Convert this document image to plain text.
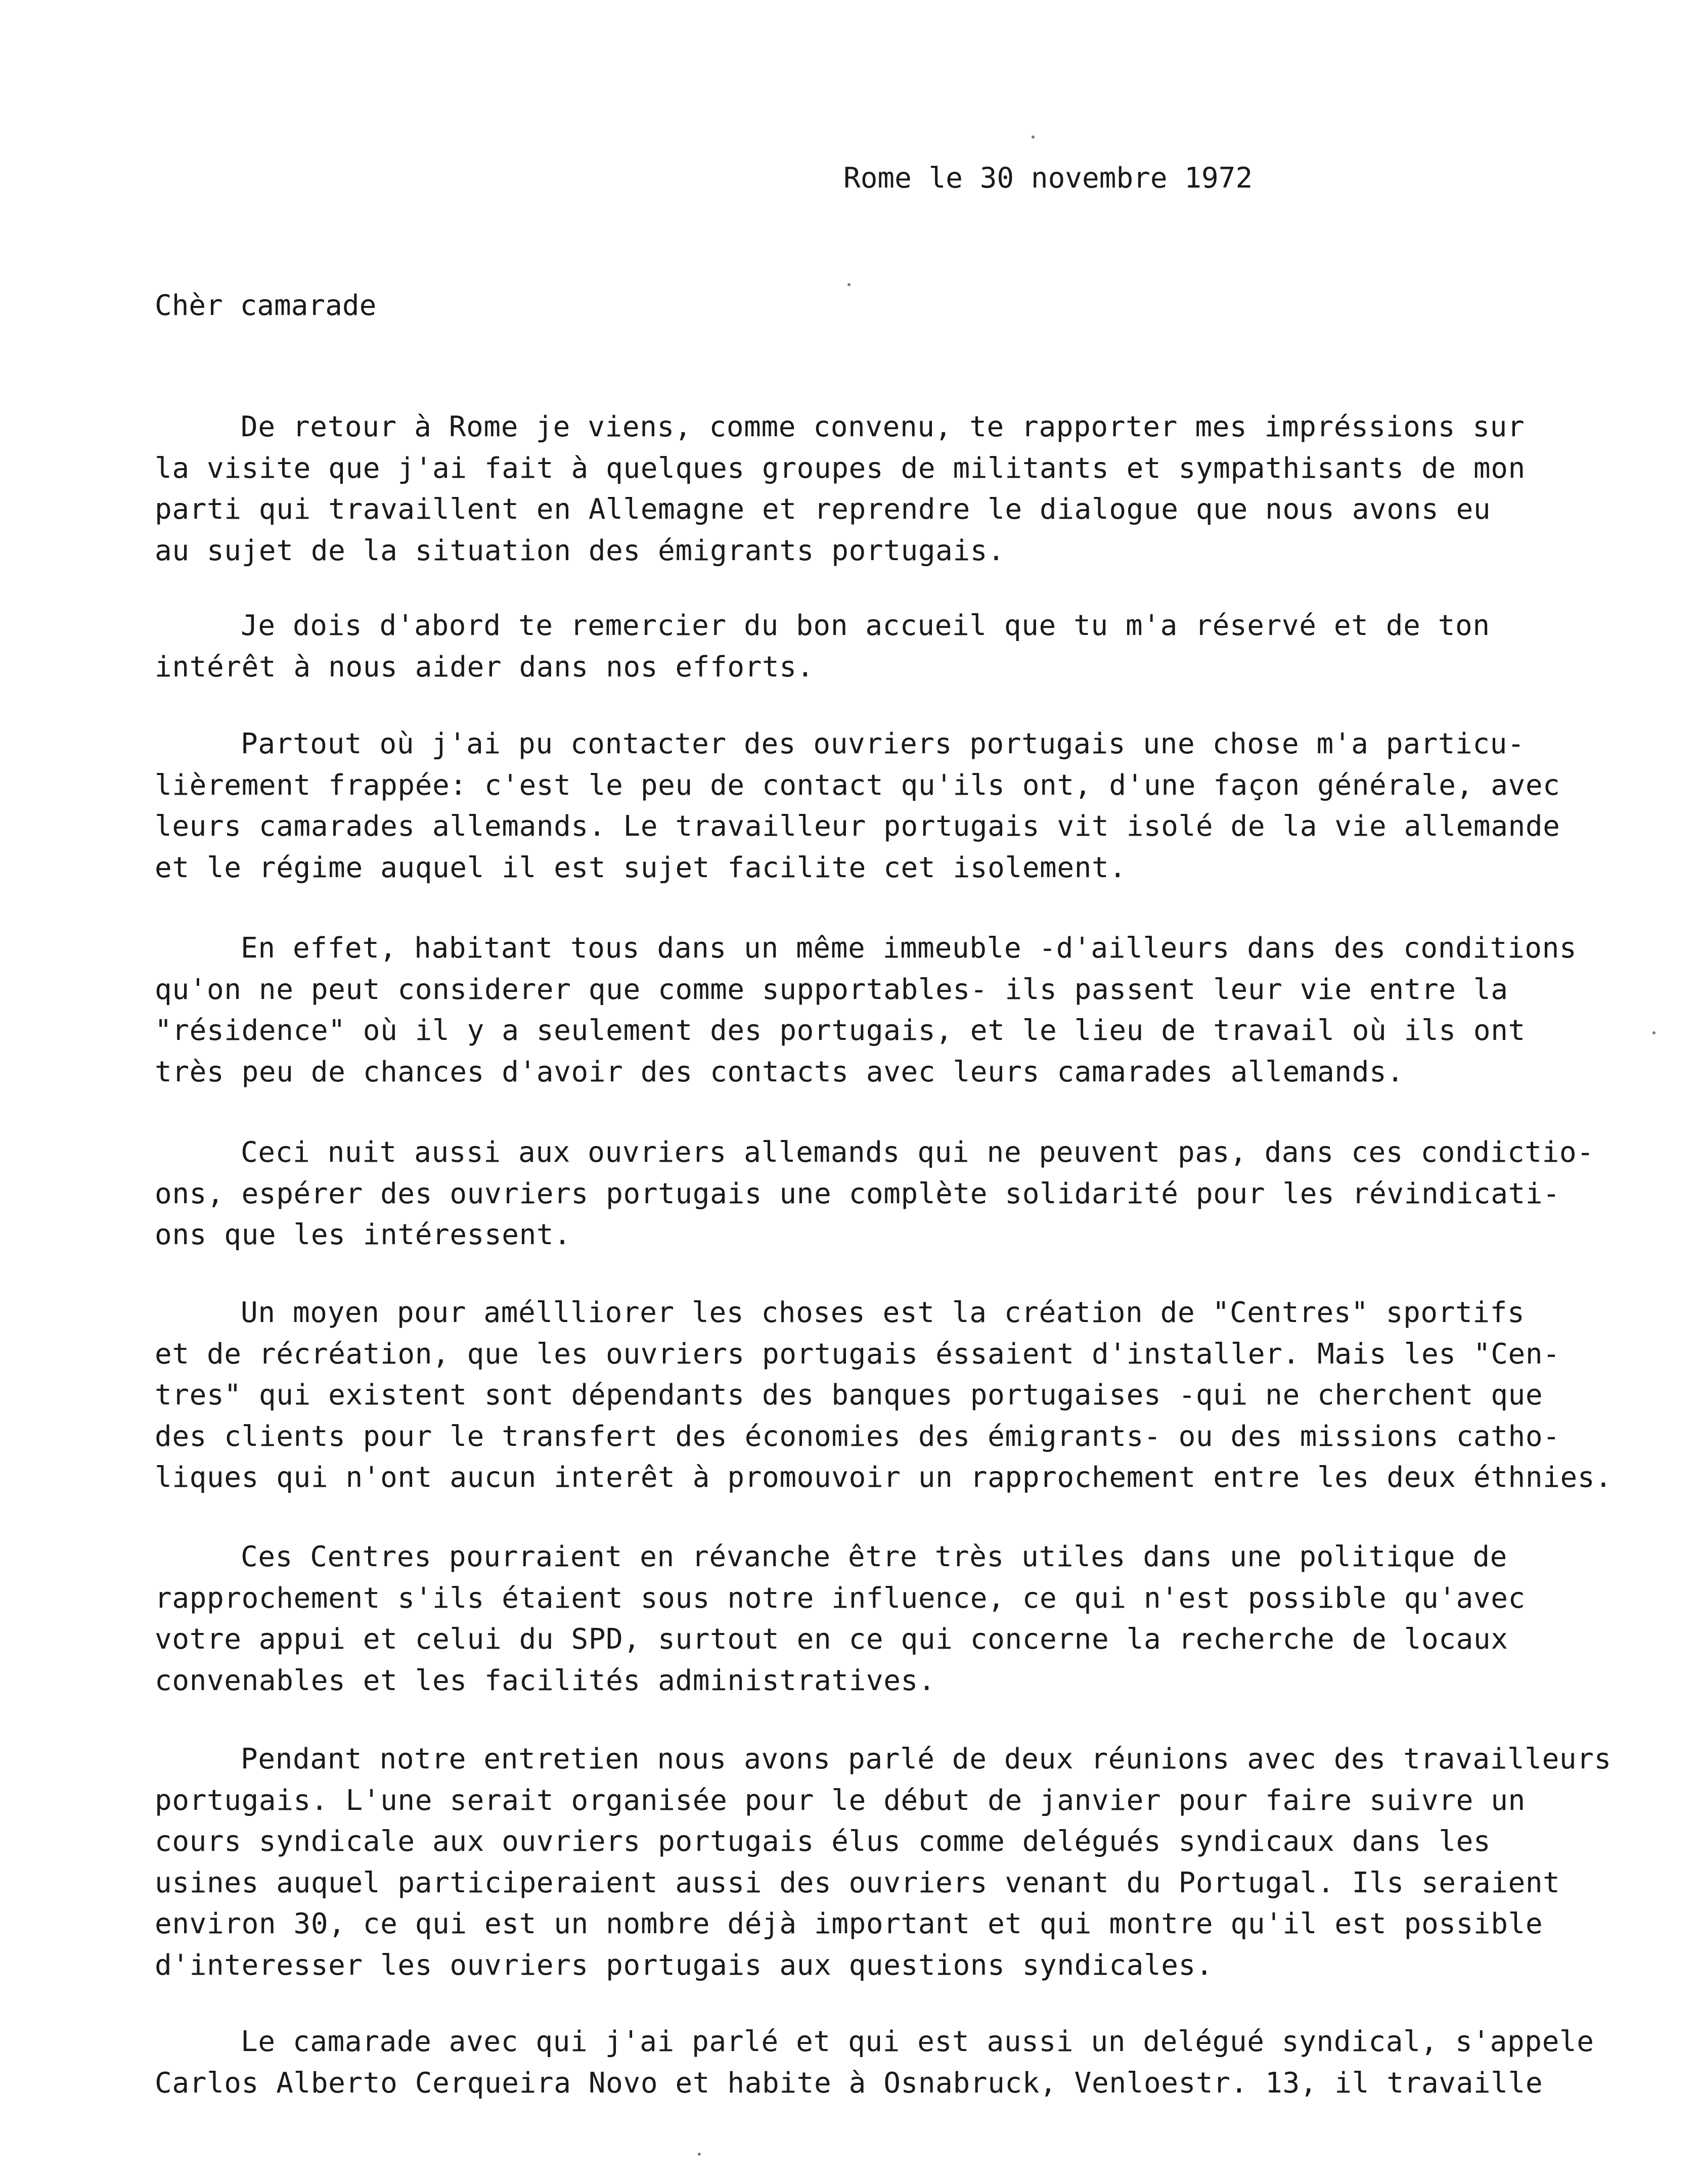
Rome le 30 novembre 1972
Chèr camarade
De retour à Rome je viens, comme convenu, te rapporter mes impréssions sur
la visite que j'ai fait à quelques groupes de militants et sympathisants de mon
parti qui travaillent en Allemagne et reprendre le dialogue que nous avons eu
au sujet de la situation des émigrants portugais.
Je dois d'abord te remercier du bon accueil que tu m'a réservé et de ton
intérêt à nous aider dans nos efforts.
Partout où j'ai pu contacter des ouvriers portugais une chose m'a particu-
lièrement frappée: c'est le peu de contact qu'ils ont, d'une façon générale, avec
leurs camarades allemands. Le travailleur portugais vit isolé de la vie allemande
et le régime auquel il est sujet facilite cet isolement.
En effet, habitant tous dans un même immeuble -d'ailleurs dans des conditions
qu'on ne peut considerer que comme supportables- ils passent leur vie entre la
"résidence" où il y a seulement des portugais, et le lieu de travail où ils ont
très peu de chances d'avoir des contacts avec leurs camarades allemands.
Ceci nuit aussi aux ouvriers allemands qui ne peuvent pas, dans ces condictio-
ons, espérer des ouvriers portugais une complète solidarité pour les révindicati-
ons que les intéressent.
Un moyen pour améllliorer les choses est la création de "Centres" sportifs
et de récréation, que les ouvriers portugais éssaient d'installer. Mais les "Cen-
tres" qui existent sont dépendants des banques portugaises -qui ne cherchent que
des clients pour le transfert des économies des émigrants- ou des missions catho-
liques qui n'ont aucun interêt à promouvoir un rapprochement entre les deux éthnies.
Ces Centres pourraient en révanche être très utiles dans une politique de
rapprochement s'ils étaient sous notre influence, ce qui n'est possible qu'avec
votre appui et celui du SPD, surtout en ce qui concerne la recherche de locaux
convenables et les facilités administratives.
Pendant notre entretien nous avons parlé de deux réunions avec des travailleurs
portugais. L'une serait organisée pour le début de janvier pour faire suivre un
cours syndicale aux ouvriers portugais élus comme delégués syndicaux dans les
usines auquel participeraient aussi des ouvriers venant du Portugal. Ils seraient
environ 30, ce qui est un nombre déjà important et qui montre qu'il est possible
d'interesser les ouvriers portugais aux questions syndicales.
Le camarade avec qui j'ai parlé et qui est aussi un delégué syndical, s'appele
Carlos Alberto Cerqueira Novo et habite à Osnabruck, Venloestr. 13, il travaille
